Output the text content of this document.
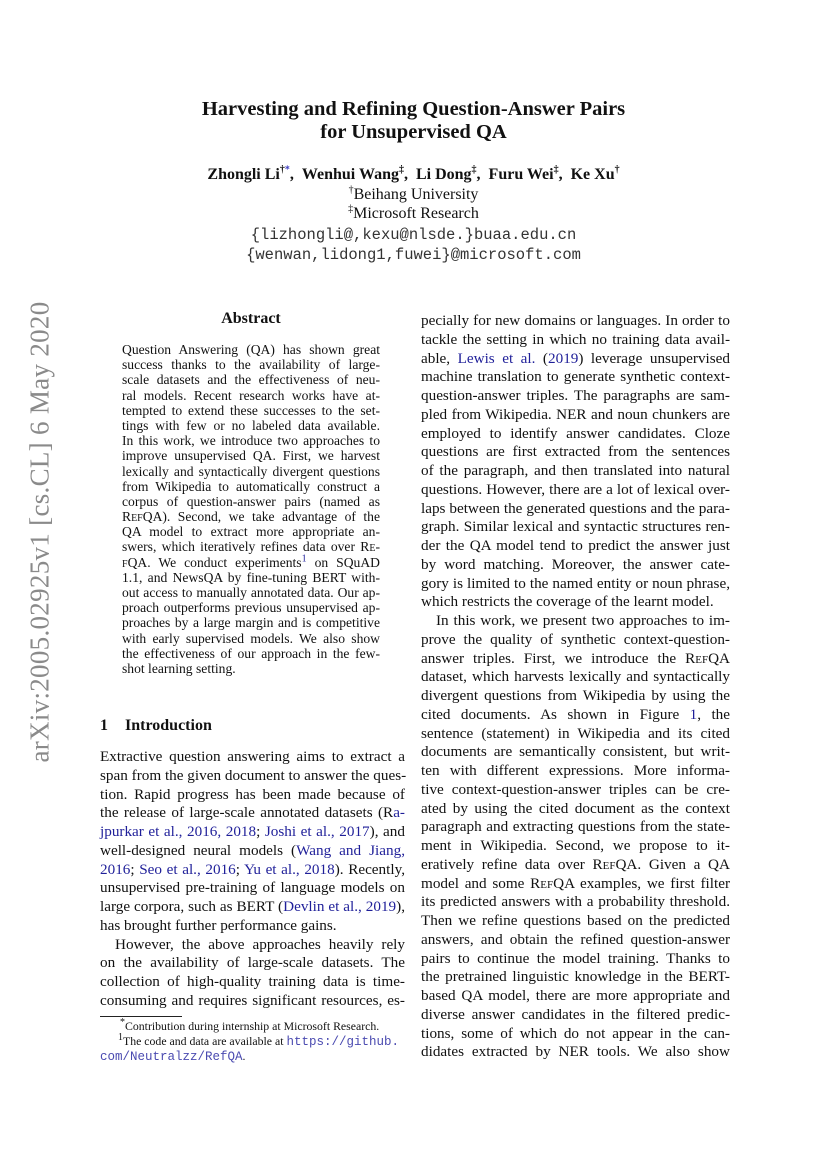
arXiv:2005.02925v1 [cs.CL] 6 May 2020
Harvesting and Refining Question-Answer Pairs
for Unsupervised QA
Zhongli Li†*, Wenhui Wang‡, Li Dong‡, Furu Wei‡, Ke Xu†
†Beihang University
‡Microsoft Research
{lizhongli@,kexu@nlsde.}buaa.edu.cn
{wenwan,lidong1,fuwei}@microsoft.com
Abstract
Question Answering (QA) has shown great
success thanks to the availability of large-
scale datasets and the effectiveness of neu-
ral models. Recent research works have at-
tempted to extend these successes to the set-
tings with few or no labeled data available.
In this work, we introduce two approaches to
improve unsupervised QA. First, we harvest
lexically and syntactically divergent questions
from Wikipedia to automatically construct a
corpus of question-answer pairs (named as
RefQA). Second, we take advantage of the
QA model to extract more appropriate an-
swers, which iteratively refines data over Re-
fQA. We conduct experiments$^1$ on SQuAD
1.1, and NewsQA by fine-tuning BERT with-
out access to manually annotated data. Our ap-
proach outperforms previous unsupervised ap-
proaches by a large margin and is competitive
with early supervised models. We also show
the effectiveness of our approach in the few-
shot learning setting.
1 Introduction
Extractive question answering aims to extract a
span from the given document to answer the ques-
tion. Rapid progress has been made because of
the release of large-scale annotated datasets (Ra-
jpurkar et al., 2016, 2018; Joshi et al., 2017), and
well-designed neural models (Wang and Jiang,
2016; Seo et al., 2016; Yu et al., 2018). Recently,
unsupervised pre-training of language models on
large corpora, such as BERT (Devlin et al., 2019),
has brought further performance gains.
However, the above approaches heavily rely
on the availability of large-scale datasets. The
collection of high-quality training data is time-
consuming and requires significant resources, es-
pecially for new domains or languages. In order to
tackle the setting in which no training data avail-
able, Lewis et al. (2019) leverage unsupervised
machine translation to generate synthetic context-
question-answer triples. The paragraphs are sam-
pled from Wikipedia. NER and noun chunkers are
employed to identify answer candidates. Cloze
questions are first extracted from the sentences
of the paragraph, and then translated into natural
questions. However, there are a lot of lexical over-
laps between the generated questions and the para-
graph. Similar lexical and syntactic structures ren-
der the QA model tend to predict the answer just
by word matching. Moreover, the answer cate-
gory is limited to the named entity or noun phrase,
which restricts the coverage of the learnt model.
In this work, we present two approaches to im-
prove the quality of synthetic context-question-
answer triples. First, we introduce the RefQA
dataset, which harvests lexically and syntactically
divergent questions from Wikipedia by using the
cited documents. As shown in Figure 1, the
sentence (statement) in Wikipedia and its cited
documents are semantically consistent, but writ-
ten with different expressions. More informa-
tive context-question-answer triples can be cre-
ated by using the cited document as the context
paragraph and extracting questions from the state-
ment in Wikipedia. Second, we propose to it-
eratively refine data over RefQA. Given a QA
model and some RefQA examples, we first filter
its predicted answers with a probability threshold.
Then we refine questions based on the predicted
answers, and obtain the refined question-answer
pairs to continue the model training. Thanks to
the pretrained linguistic knowledge in the BERT-
based QA model, there are more appropriate and
diverse answer candidates in the filtered predic-
tions, some of which do not appear in the can-
didates extracted by NER tools. We also show
*Contribution during internship at Microsoft Research.
$^1$The code and data are available at https://github.
com/Neutralzz/RefQA.
